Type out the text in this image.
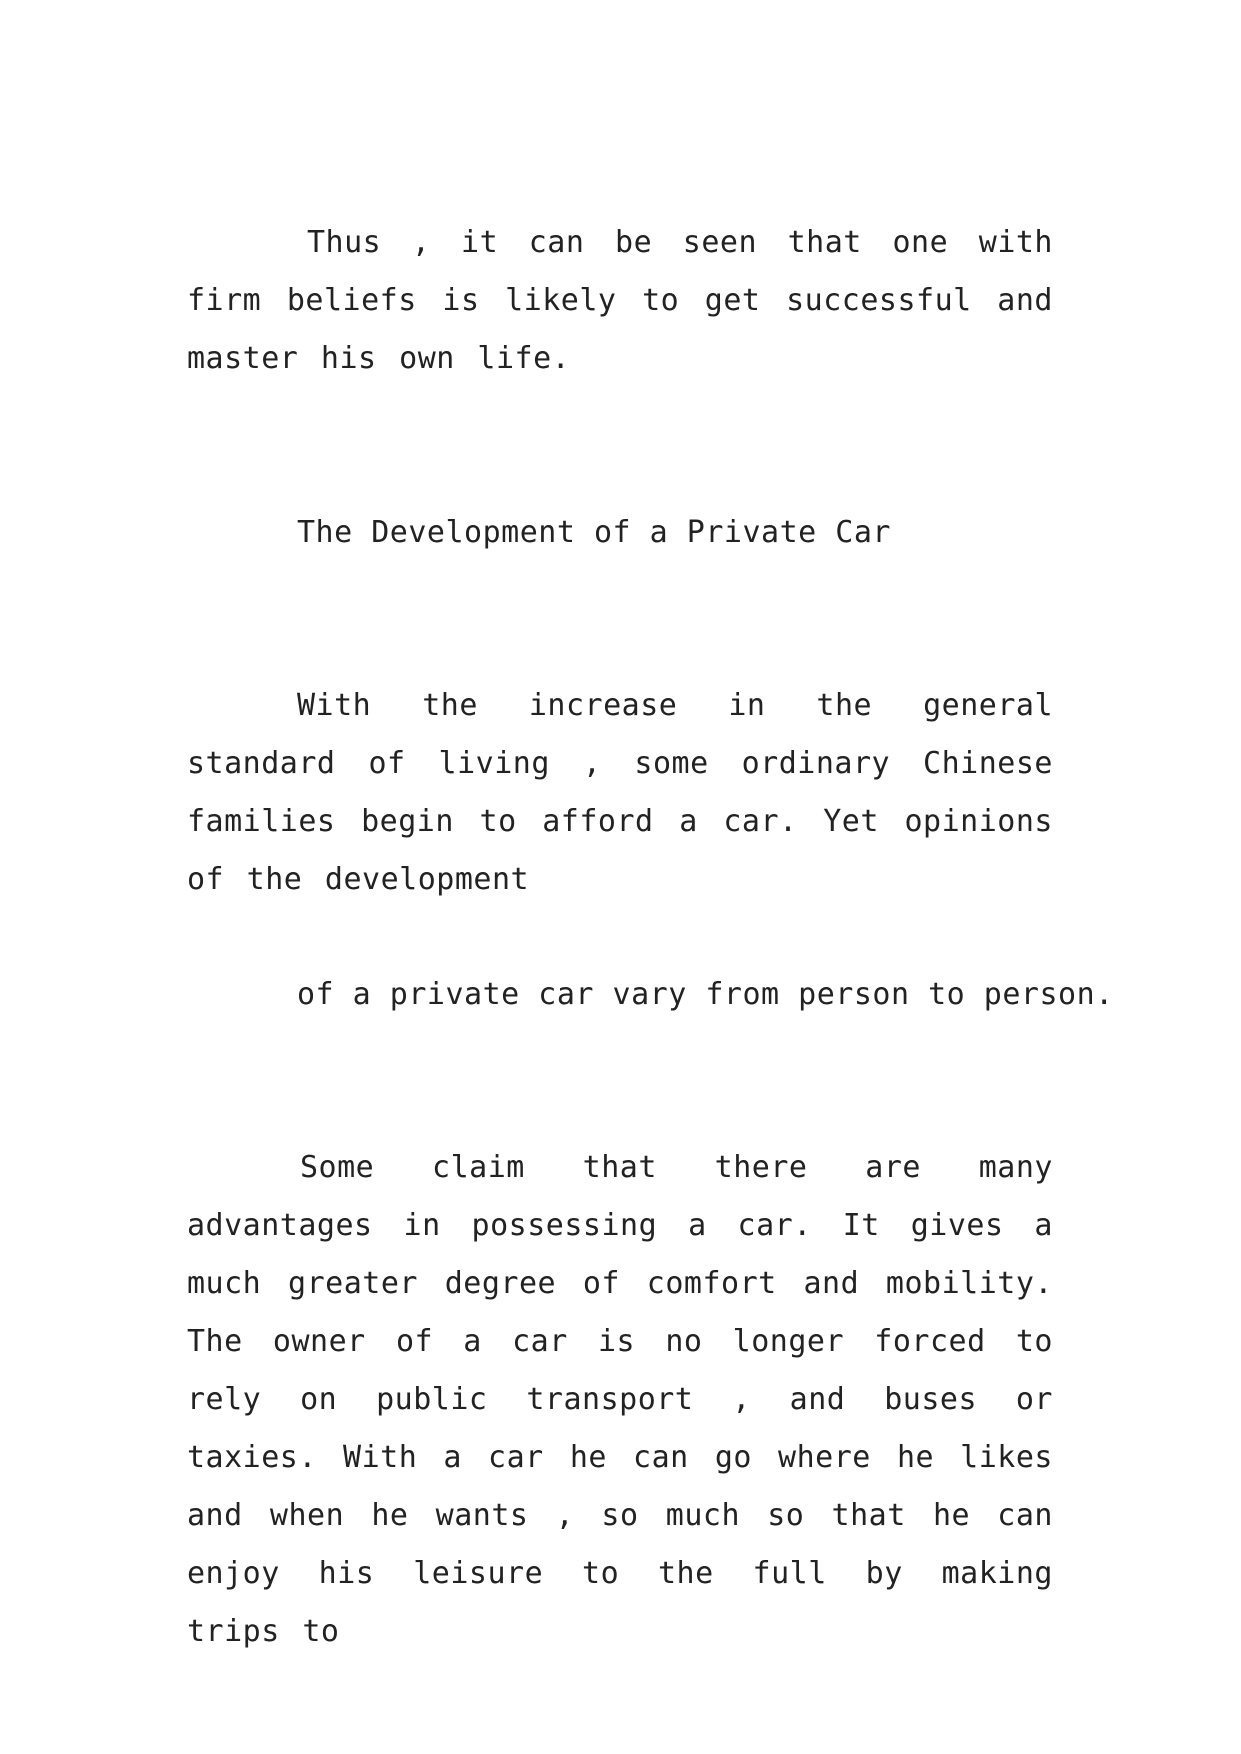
Thus , it can be seen that one with firm beliefs is likely to get successful and master his own life.

The Development of a Private Car

With the increase in the general standard of living , some ordinary Chinese families begin to afford a car. Yet opinions of the development

of a private car vary from person to person.

Some claim that there are many advantages in possessing a car. It gives a much greater degree of comfort and mobility. The owner of a car is no longer forced to rely on public transport , and buses or taxies. With a car he can go where he likes and when he wants , so much so that he can enjoy his leisure to the full by making trips to
